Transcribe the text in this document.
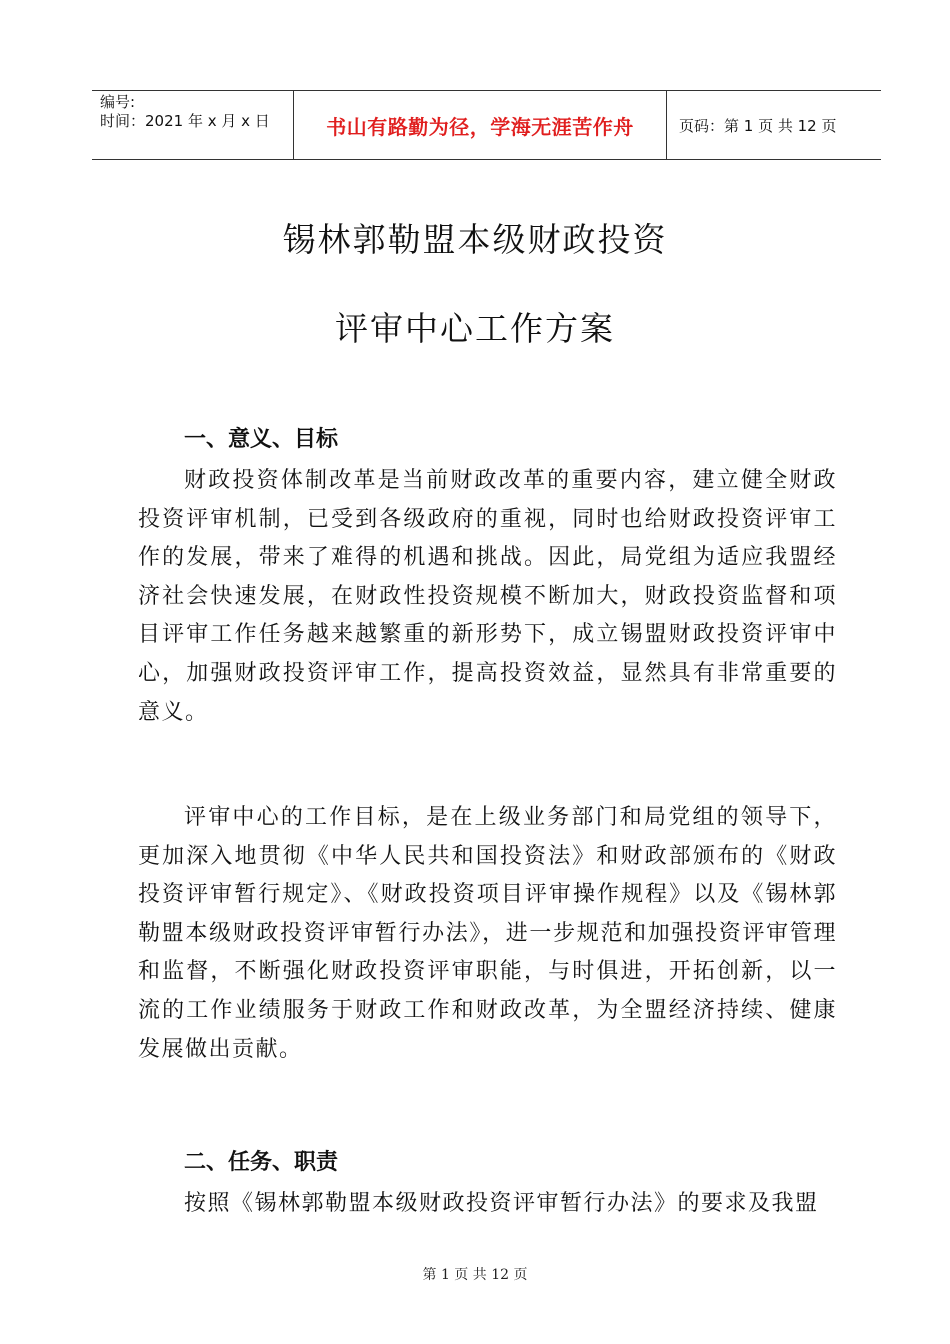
编号:
时间：2021 年 x 月 x 日	书山有路勤为径，学海无涯苦作舟	页码：第 1 页 共 12 页
锡林郭勒盟本级财政投资
评审中心工作方案
一、意义、目标
财政投资体制改革是当前财政改革的重要内容，建立健全财政投资评审机制，已受到各级政府的重视，同时也给财政投资评审工作的发展，带来了难得的机遇和挑战。因此，局党组为适应我盟经济社会快速发展，在财政性投资规模不断加大，财政投资监督和项目评审工作任务越来越繁重的新形势下，成立锡盟财政投资评审中心，加强财政投资评审工作，提高投资效益，显然具有非常重要的意义。
评审中心的工作目标，是在上级业务部门和局党组的领导下，更加深入地贯彻《中华人民共和国投资法》和财政部颁布的《财政投资评审暂行规定》、《财政投资项目评审操作规程》以及《锡林郭勒盟本级财政投资评审暂行办法》，进一步规范和加强投资评审管理和监督，不断强化财政投资评审职能，与时俱进，开拓创新，以一流的工作业绩服务于财政工作和财政改革，为全盟经济持续、健康发展做出贡献。
二、任务、职责
按照《锡林郭勒盟本级财政投资评审暂行办法》的要求及我盟
第 1 页 共 12 页
